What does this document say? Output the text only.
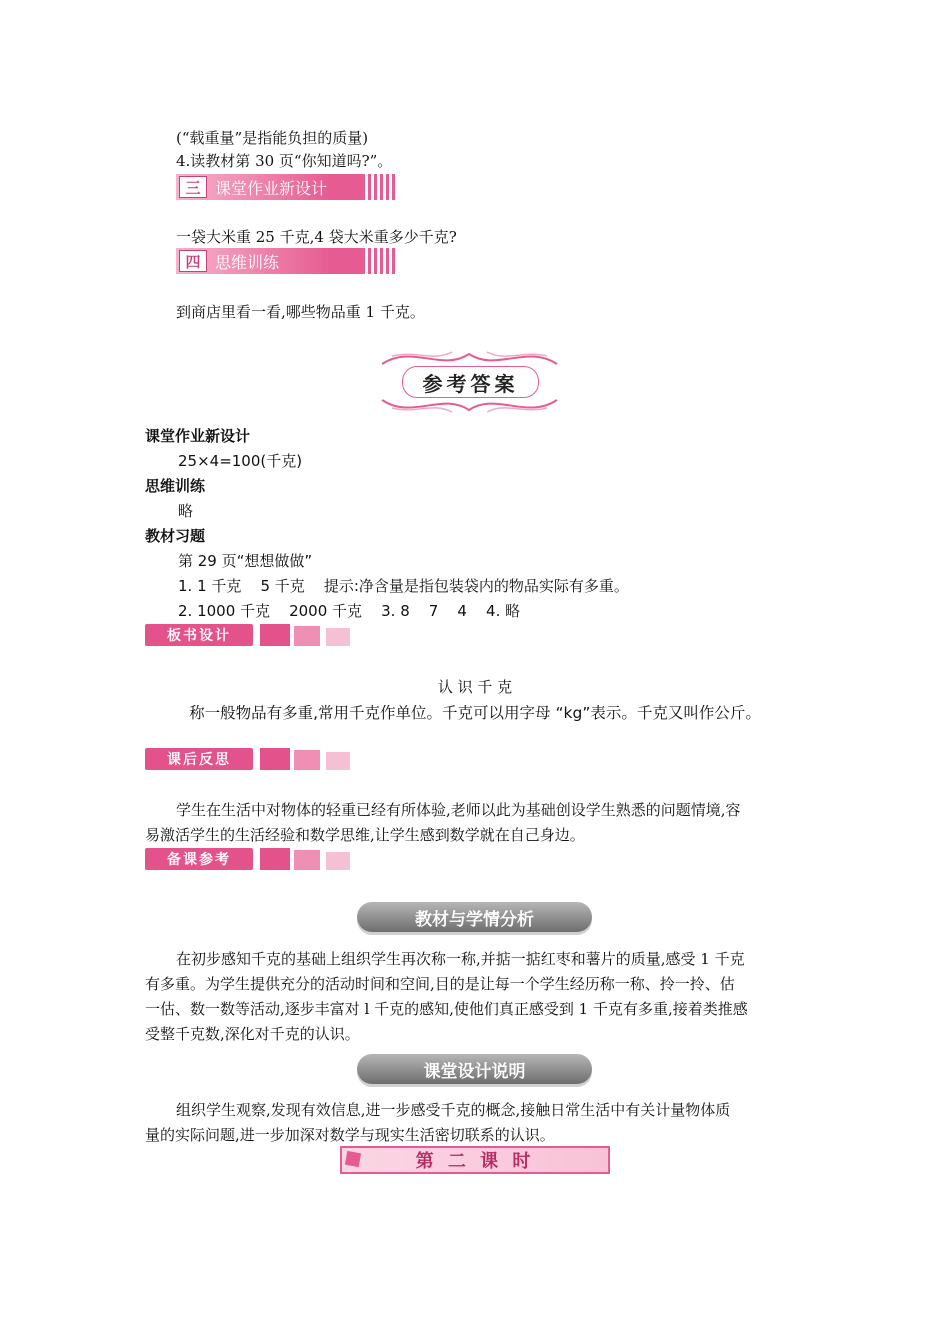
(“载重量”是指能负担的质量)
4.读教材第 30 页“你知道吗?”。
三 课堂作业新设计
一袋大米重 25 千克,4 袋大米重多少千克?
四 思维训练
到商店里看一看,哪些物品重 1 千克。
参考答案
课堂作业新设计
25×4=100(千克)
思维训练
略
教材习题
第 29 页“想想做做”
1. 1 千克    5 千克    提示:净含量是指包装袋内的物品实际有多重。
2. 1000 千克    2000 千克    3. 8    7    4    4. 略
板书设计
认 识 千 克
称一般物品有多重,常用千克作单位。千克可以用字母 “kg”表示。千克又叫作公斤。
课后反思
学生在生活中对物体的轻重已经有所体验,老师以此为基础创设学生熟悉的问题情境,容
易激活学生的生活经验和数学思维,让学生感到数学就在自己身边。
备课参考
教材与学情分析
在初步感知千克的基础上组织学生再次称一称,并掂一掂红枣和薯片的质量,感受 1 千克
有多重。为学生提供充分的活动时间和空间,目的是让每一个学生经历称一称、拎一拎、估
一估、数一数等活动,逐步丰富对 l 千克的感知,使他们真正感受到 1 千克有多重,接着类推感
受整千克数,深化对千克的认识。
课堂设计说明
组织学生观察,发现有效信息,进一步感受千克的概念,接触日常生活中有关计量物体质
量的实际问题,进一步加深对数学与现实生活密切联系的认识。
第 二 课 时
